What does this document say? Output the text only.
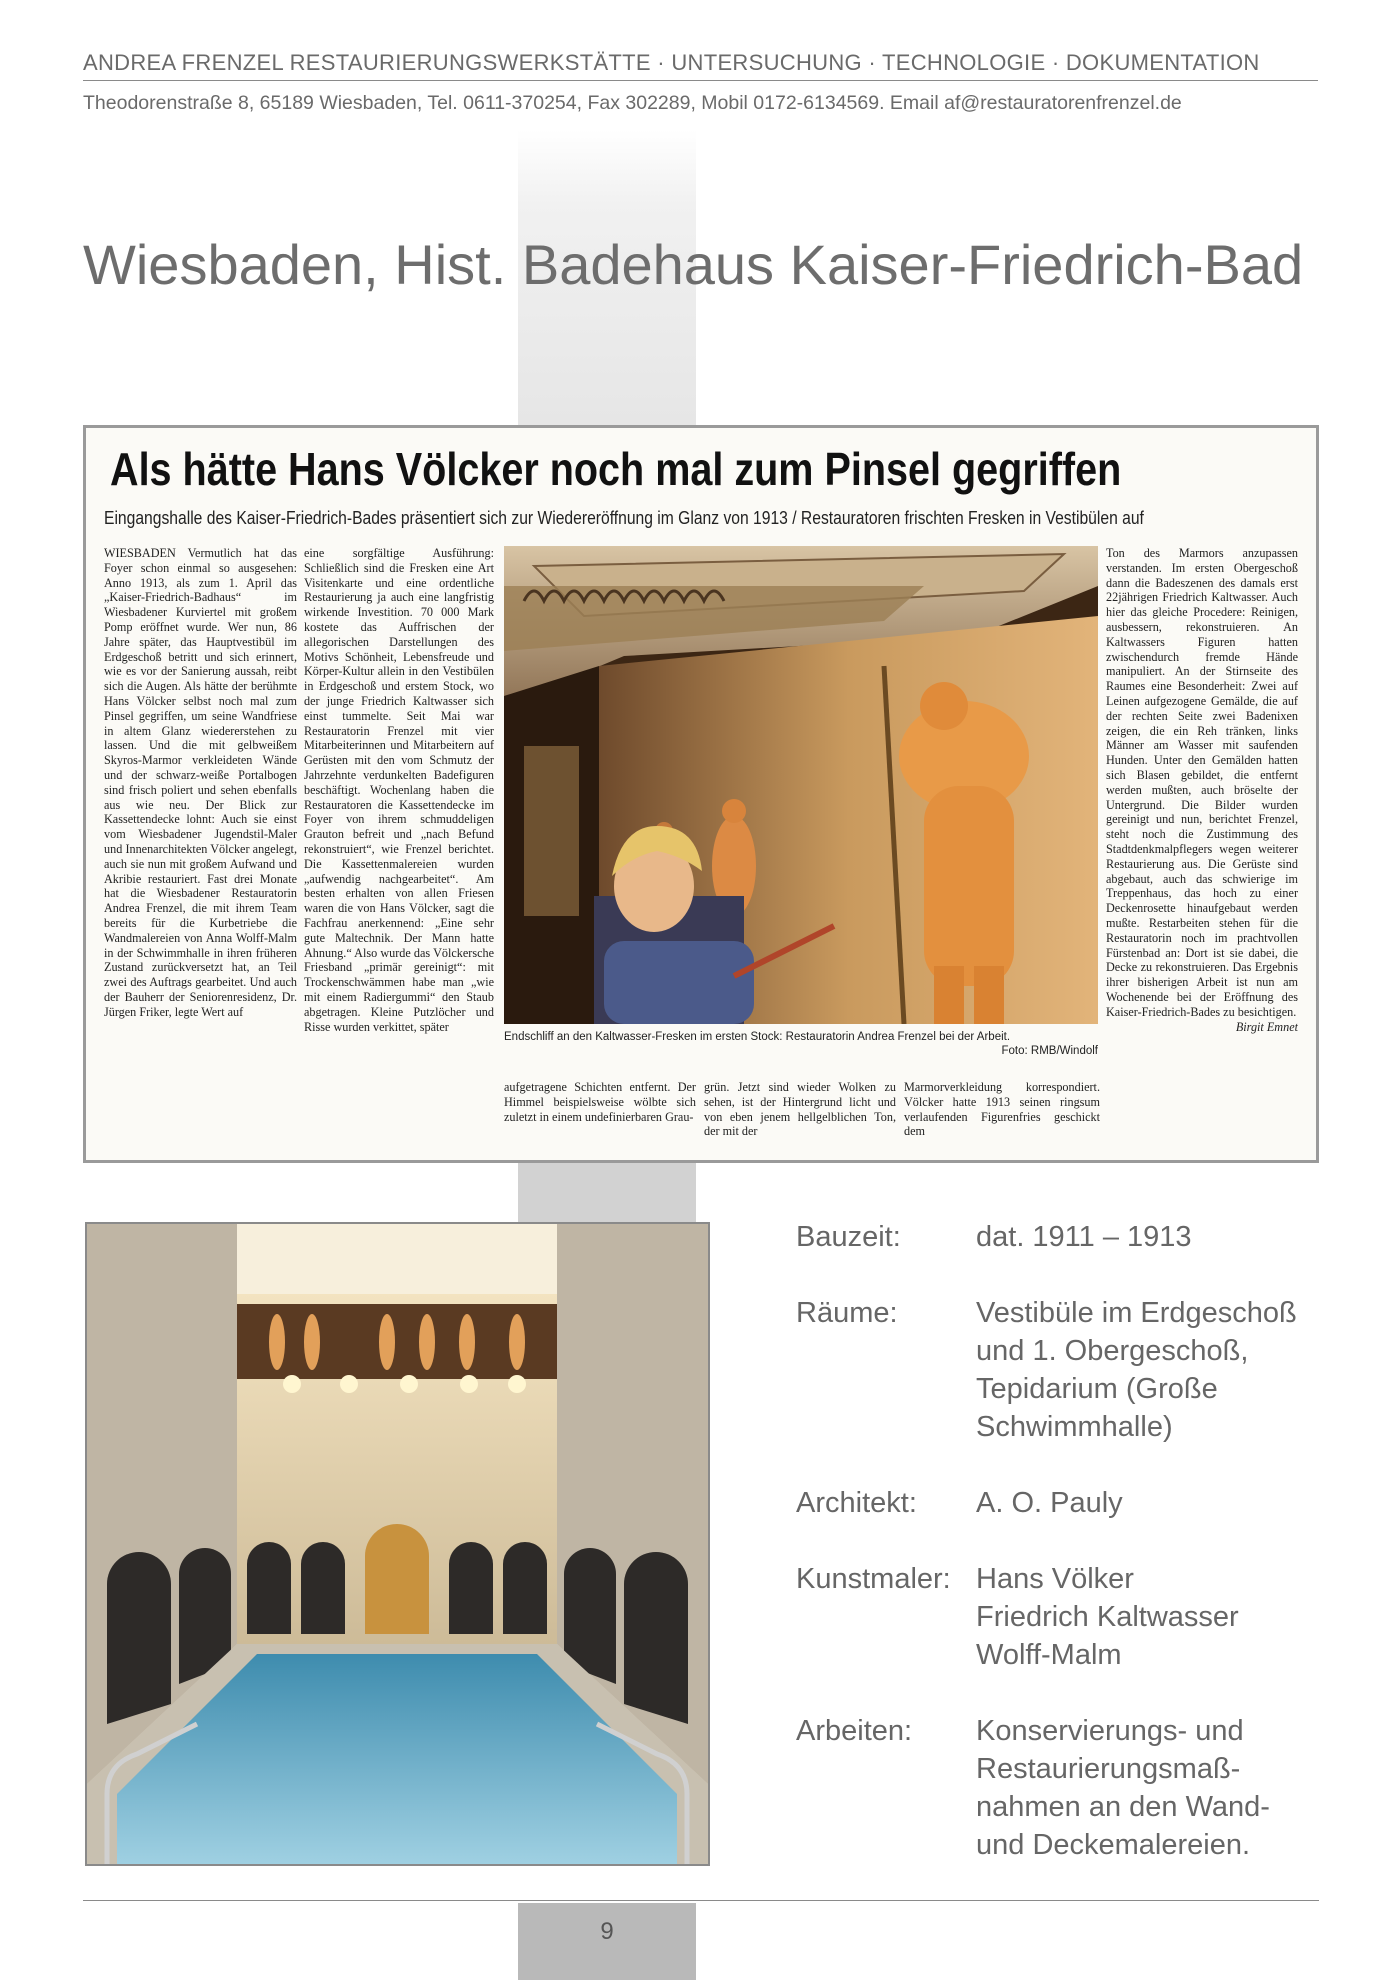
ANDREA FRENZEL RESTAURIERUNGSWERKSTÄTTE · UNTERSUCHUNG · TECHNOLOGIE · DOKUMENTATION
Theodorenstraße 8, 65189 Wiesbaden, Tel. 0611-370254, Fax 302289, Mobil 0172-6134569. Email af@restauratorenfrenzel.de
Wiesbaden, Hist. Badehaus Kaiser-Friedrich-Bad
Als hätte Hans Völcker noch mal zum Pinsel gegriffen
Eingangshalle des Kaiser-Friedrich-Bades präsentiert sich zur Wiedereröffnung im Glanz von 1913 / Restauratoren frischten Fresken in Vestibülen auf

WIESBADEN Vermutlich hat das Foyer schon einmal so ausgesehen: Anno 1913, als zum 1. April das „Kaiser-Friedrich-Badhaus“ im Wiesbadener Kurviertel mit großem Pomp eröffnet wurde. Wer nun, 86 Jahre später, das Hauptvestibül im Erdgeschoß betritt und sich erinnert, wie es vor der Sanierung aussah, reibt sich die Augen. Als hätte der berühmte Hans Völcker selbst noch mal zum Pinsel gegriffen, um seine Wandfriese in altem Glanz wiedererstehen zu lassen. Und die mit gelbweißem Skyros-Marmor verkleideten Wände und der schwarz-weiße Portalbogen sind frisch poliert und sehen ebenfalls aus wie neu. Der Blick zur Kassettendecke lohnt: Auch sie einst vom Wiesbadener Jugendstil-Maler und Innenarchitekten Völcker angelegt, auch sie nun mit großem Aufwand und Akribie restauriert. Fast drei Monate hat die Wiesbadener Restauratorin Andrea Frenzel, die mit ihrem Team bereits für die Kurbetriebe die Wandmalereien von Anna Wolff-Malm in der Schwimmhalle in ihren früheren Zustand zurückversetzt hat, an Teil zwei des Auftrags gearbeitet. Und auch der Bauherr der Seniorenresidenz, Dr. Jürgen Friker, legte Wert auf

eine sorgfältige Ausführung: Schließlich sind die Fresken eine Art Visitenkarte und eine ordentliche Restaurierung ja auch eine langfristig wirkende Investition. 70 000 Mark kostete das Auffrischen der allegorischen Darstellungen des Motivs Schönheit, Lebensfreude und Körper-Kultur allein in den Vestibülen in Erdgeschoß und erstem Stock, wo der junge Friedrich Kaltwasser sich einst tummelte. Seit Mai war Restauratorin Frenzel mit vier Mitarbeiterinnen und Mitarbeitern auf Gerüsten mit den vom Schmutz der Jahrzehnte verdunkelten Badefiguren beschäftigt. Wochenlang haben die Restauratoren die Kassettendecke im Foyer von ihrem schmuddeligen Grauton befreit und „nach Befund rekonstruiert“, wie Frenzel berichtet. Die Kassettenmalereien wurden „aufwendig nachgearbeitet“. Am besten erhalten von allen Friesen waren die von Hans Völcker, sagt die Fachfrau anerkennend: „Eine sehr gute Maltechnik. Der Mann hatte Ahnung.“ Also wurde das Völckersche Friesband „primär gereinigt“: mit Trockenschwämmen habe man „wie mit einem Radiergummi“ den Staub abgetragen. Kleine Putzlöcher und Risse wurden verkittet, später

Endschliff an den Kaltwasser-Fresken im ersten Stock: Restauratorin Andrea Frenzel bei der Arbeit.
Foto: RMB/Windolf

aufgetragene Schichten entfernt. Der Himmel beispielsweise wölbte sich zuletzt in einem undefinierbaren Grau-

grün. Jetzt sind wieder Wolken zu sehen, ist der Hintergrund licht und von eben jenem hellgelblichen Ton, der mit der

Marmorverkleidung korrespondiert. Völcker hatte 1913 seinen ringsum verlaufenden Figurenfries geschickt dem

Ton des Marmors anzupassen verstanden. Im ersten Obergeschoß dann die Badeszenen des damals erst 22jährigen Friedrich Kaltwasser. Auch hier das gleiche Procedere: Reinigen, ausbessern, rekonstruieren. An Kaltwassers Figuren hatten zwischendurch fremde Hände manipuliert. An der Stirnseite des Raumes eine Besonderheit: Zwei auf Leinen aufgezogene Gemälde, die auf der rechten Seite zwei Badenixen zeigen, die ein Reh tränken, links Männer am Wasser mit saufenden Hunden. Unter den Gemälden hatten sich Blasen gebildet, die entfernt werden mußten, auch bröselte der Untergrund. Die Bilder wurden gereinigt und nun, berichtet Frenzel, steht noch die Zustimmung des Stadtdenkmalpflegers wegen weiterer Restaurierung aus. Die Gerüste sind abgebaut, auch das schwierige im Treppenhaus, das hoch zu einer Deckenrosette hinaufgebaut werden mußte. Restarbeiten stehen für die Restauratorin noch im prachtvollen Fürstenbad an: Dort ist sie dabei, die Decke zu rekonstruieren. Das Ergebnis ihrer bisherigen Arbeit ist nun am Wochenende bei der Eröffnung des Kaiser-Friedrich-Bades zu besichtigen.

Birgit Emnet
Bauzeit:	dat. 1911 – 1913
Räume:	Vestibüle im Erdgeschoß
und 1. Obergeschoß,
Tepidarium (Große
Schwimmhalle)
Architekt:	A. O. Pauly
Kunstmaler: Hans Völker
Friedrich Kaltwasser
Wolff-Malm
Arbeiten:	Konservierungs- und
Restaurierungsmaß-
nahmen an den Wand-
und Deckemalereien.
9
